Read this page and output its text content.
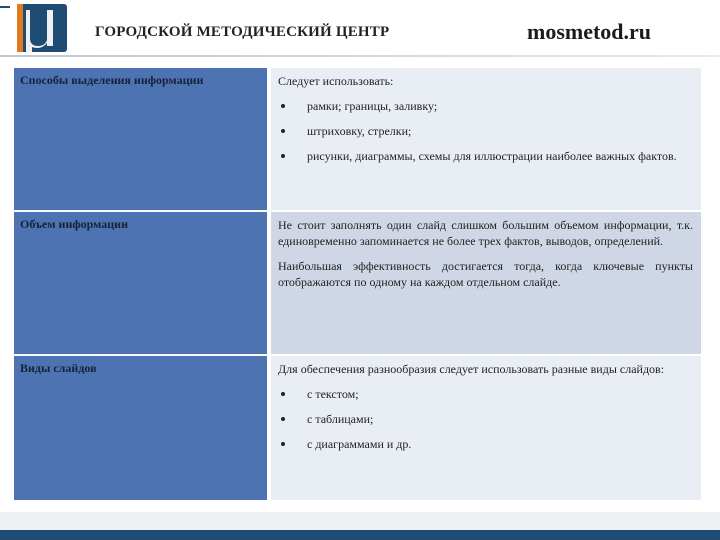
ГОРОДСКОЙ МЕТОДИЧЕСКИЙ ЦЕНТР	mosmetod.ru
Способы выделения информации	Следует использовать:

рамки; границы, заливку;
штриховку, стрелки;
рисунки, диаграммы, схемы для иллюстрации наиболее важных фактов.
Объем информации	Не стоит заполнять один слайд слишком большим объемом информации, т.к. единовременно запоминается не более трех фактов, выводов, определений.

Наибольшая эффективность достигается тогда, когда ключевые пункты отображаются по одному на каждом отдельном слайде.

Виды слайдов	Для обеспечения разнообразия следует использовать разные виды слайдов:

с текстом;
с таблицами;
с диаграммами и др.
